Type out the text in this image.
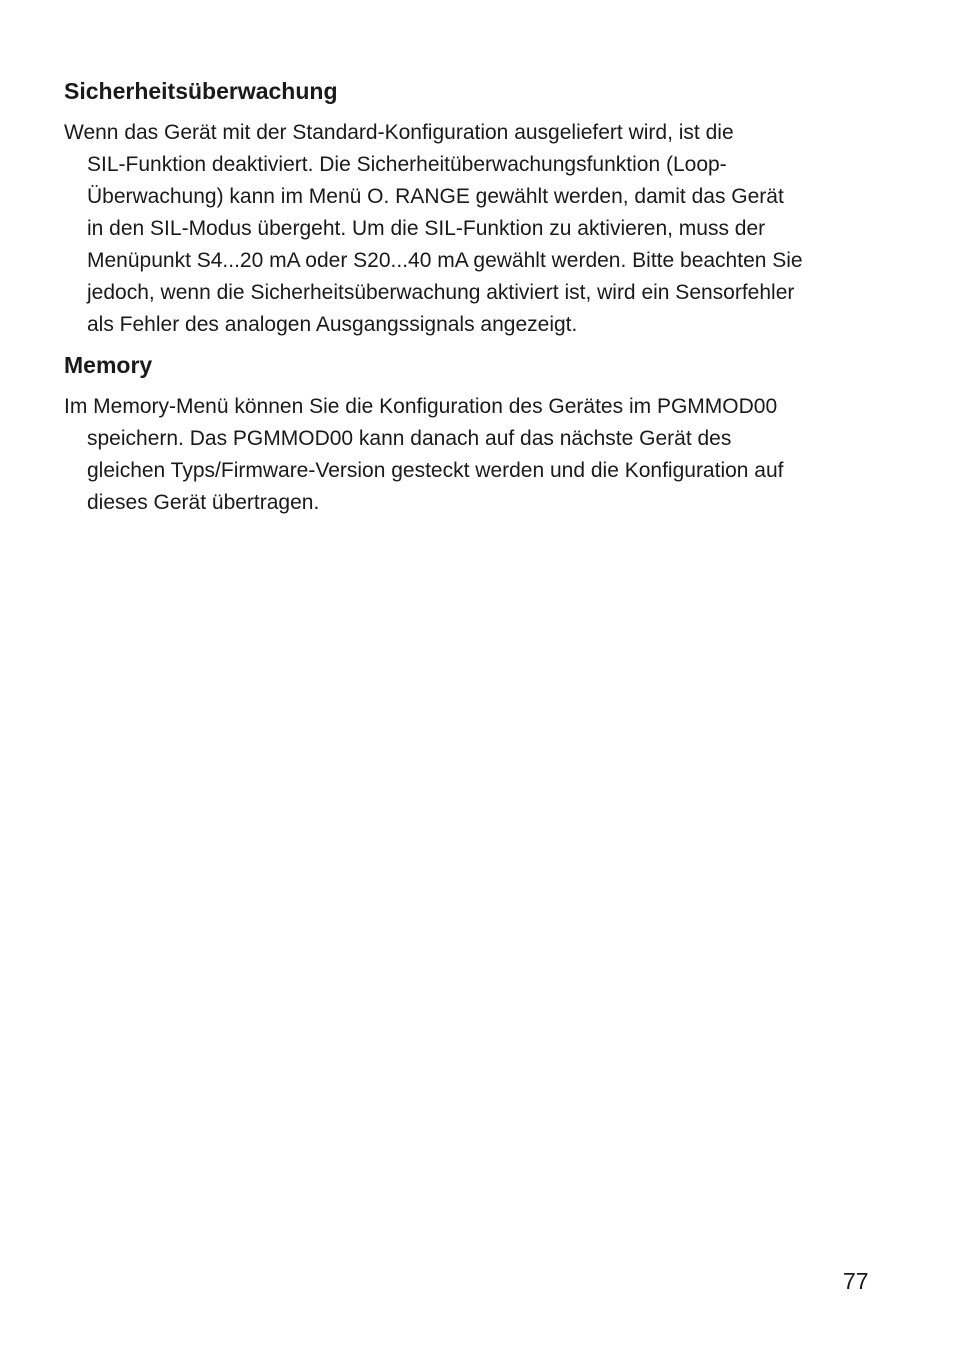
Sicherheitsüberwachung

Wenn das Gerät mit der Standard-Konfiguration ausgeliefert wird, ist die

SIL-Funktion deaktiviert. Die Sicherheitüberwachungsfunktion (Loop-

Überwachung) kann im Menü O. RANGE gewählt werden, damit das Gerät

in den SIL-Modus übergeht. Um die SIL-Funktion zu aktivieren, muss der

Menüpunkt S4...20 mA oder S20...40 mA gewählt werden. Bitte beachten Sie

jedoch, wenn die Sicherheitsüberwachung aktiviert ist, wird ein Sensorfehler

als Fehler des analogen Ausgangssignals angezeigt.

Memory

Im Memory-Menü können Sie die Konfiguration des Gerätes im PGMMOD00

speichern. Das PGMMOD00 kann danach auf das nächste Gerät des

gleichen Typs/Firmware-Version gesteckt werden und die Konfiguration auf

dieses Gerät übertragen.

77
